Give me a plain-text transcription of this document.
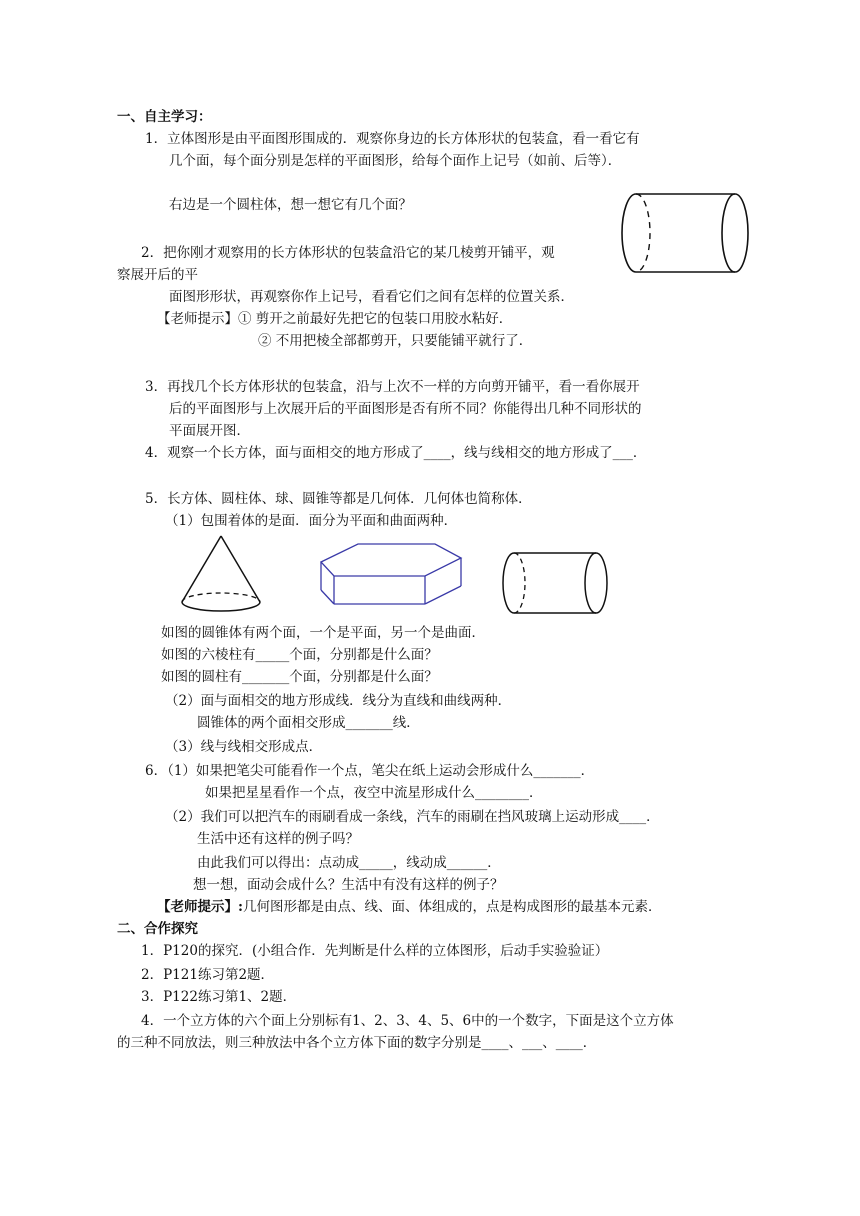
一、自主学习：
1．立体图形是由平面图形围成的．观察你身边的长方体形状的包装盒，看一看它有
几个面，每个面分别是怎样的平面图形，给每个面作上记号（如前、后等）．
右边是一个圆柱体，想一想它有几个面？
2．把你刚才观察用的长方体形状的包装盒沿它的某几棱剪开铺平，观
察展开后的平
面图形形状，再观察你作上记号，看看它们之间有怎样的位置关系．
【老师提示】① 剪开之前最好先把它的包装口用胶水粘好．
② 不用把棱全部都剪开，只要能铺平就行了．
3．再找几个长方体形状的包装盒，沿与上次不一样的方向剪开铺平，看一看你展开
后的平面图形与上次展开后的平面图形是否有所不同？你能得出几种不同形状的
平面展开图．
4．观察一个长方体，面与面相交的地方形成了____，线与线相交的地方形成了___．
5．长方体、圆柱体、球、圆锥等都是几何体．几何体也简称体．
（1）包围着体的是面．面分为平面和曲面两种．
如图的圆锥体有两个面，一个是平面，另一个是曲面．
如图的六棱柱有_____个面，分别都是什么面？
如图的圆柱有_______个面，分别都是什么面？
（2）面与面相交的地方形成线．线分为直线和曲线两种．
圆锥体的两个面相交形成_______线．
（3）线与线相交形成点．
6．（1）如果把笔尖可能看作一个点，笔尖在纸上运动会形成什么_______．
如果把星星看作一个点，夜空中流星形成什么________．
（2）我们可以把汽车的雨刷看成一条线，汽车的雨刷在挡风玻璃上运动形成____．
生活中还有这样的例子吗？
由此我们可以得出：点动成_____，线动成______．
想一想，面动会成什么？生活中有没有这样的例子？
【老师提示】:几何图形都是由点、线、面、体组成的，点是构成图形的最基本元素．
二、合作探究
1．P120的探究．(小组合作．先判断是什么样的立体图形，后动手实验验证）
2．P121练习第2题．
3．P122练习第1、2题．
4．一个立方体的六个面上分别标有1、2、3、4、5、6中的一个数字，下面是这个立方体
的三种不同放法，则三种放法中各个立方体下面的数字分别是____、___、____．
